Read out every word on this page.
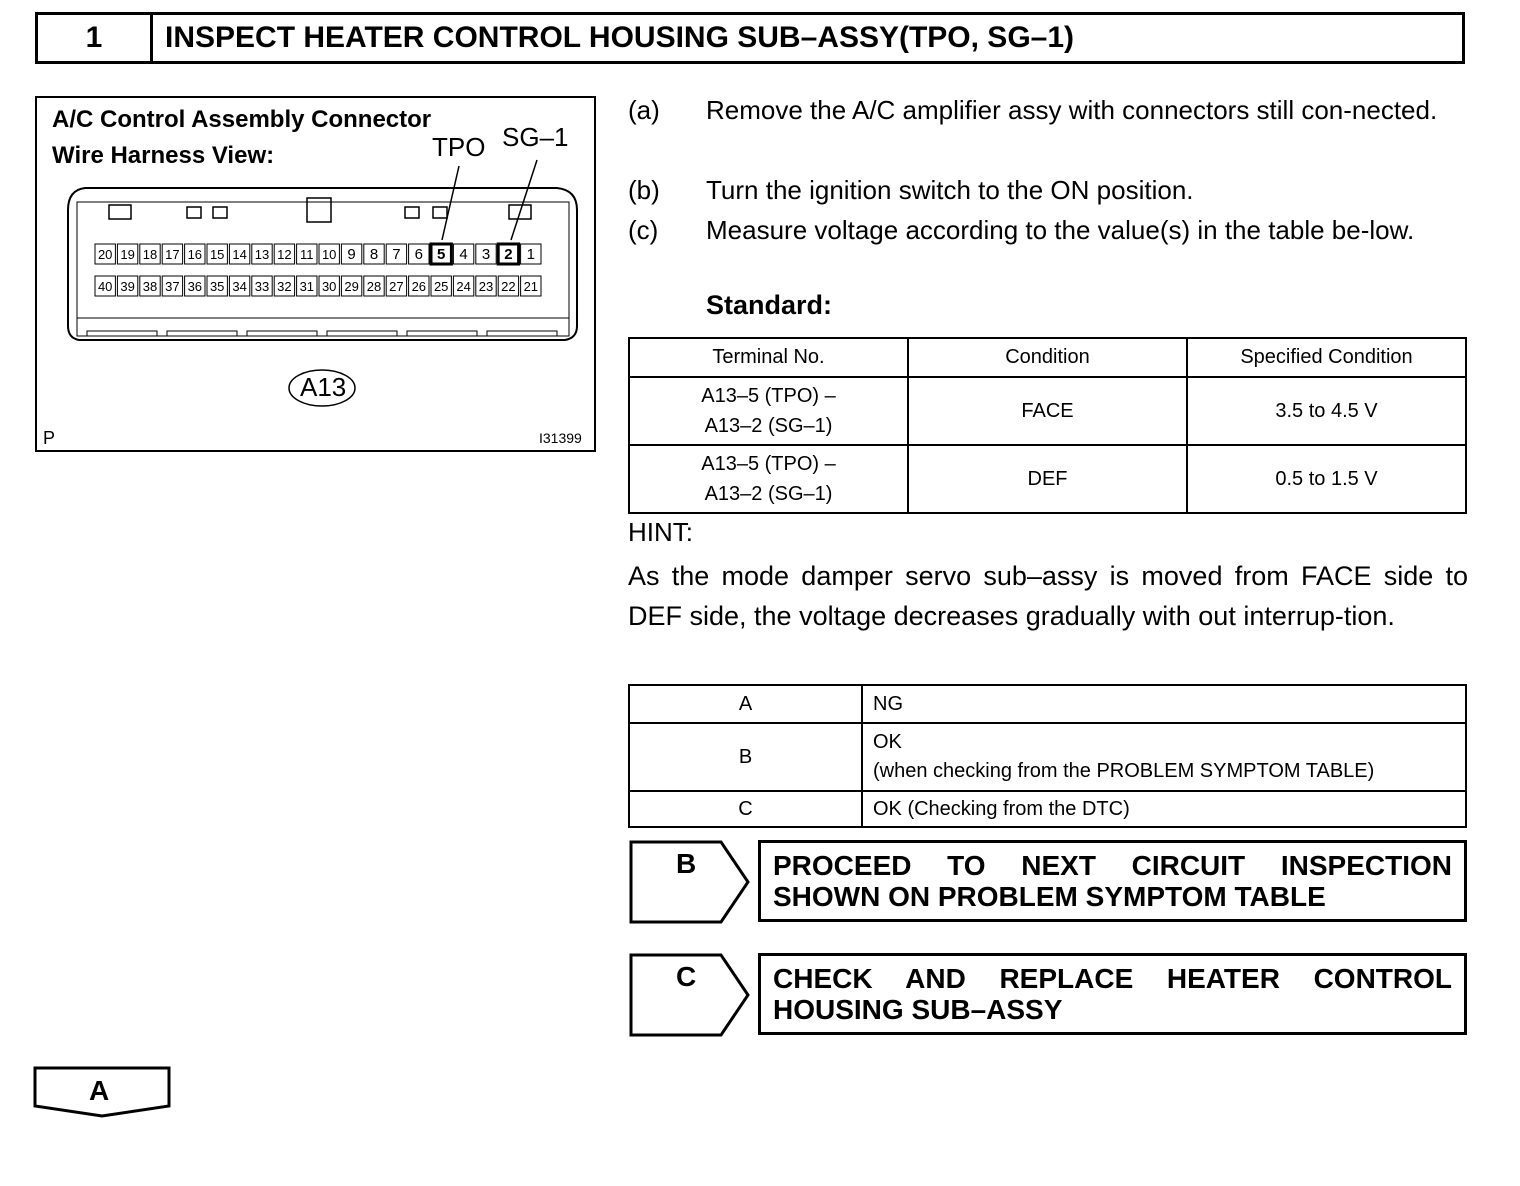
1	INSPECT HEATER CONTROL HOUSING SUB–ASSY(TPO, SG–1)
A/C Control Assembly Connector
Wire Harness View:	TPO SG–1
20 19 18 17 16 15 14 13 12 11 10 9 8 7 6 5 4 3 2 1
40 39 38 37 36 35 34 33 32 31 30 29 28 27 26 25 24 23 22 21
A13
P	I31399
(a) Remove the A/C amplifier assy with connectors still con-nected.
(b) Turn the ignition switch to the ON position.
(c) Measure voltage according to the value(s) in the table be-low.
Standard:
Terminal No.	Condition	Specified Condition

A13–5 (TPO) –
A13–2 (SG–1)	FACE	3.5 to 4.5 V

A13–5 (TPO) –
A13–2 (SG–1)	DEF	0.5 to 1.5 V
HINT:
As the mode damper servo sub–assy is moved from FACE side to DEF side, the voltage decreases gradually with out interrup-tion.
A	NG
B	OK
(when checking from the PROBLEM SYMPTOM TABLE)

C	OK (Checking from the DTC)
B	PROCEED TO NEXT CIRCUIT INSPECTION SHOWN ON PROBLEM SYMPTOM TABLE
C	CHECK AND REPLACE HEATER CONTROL HOUSING SUB–ASSY
A
